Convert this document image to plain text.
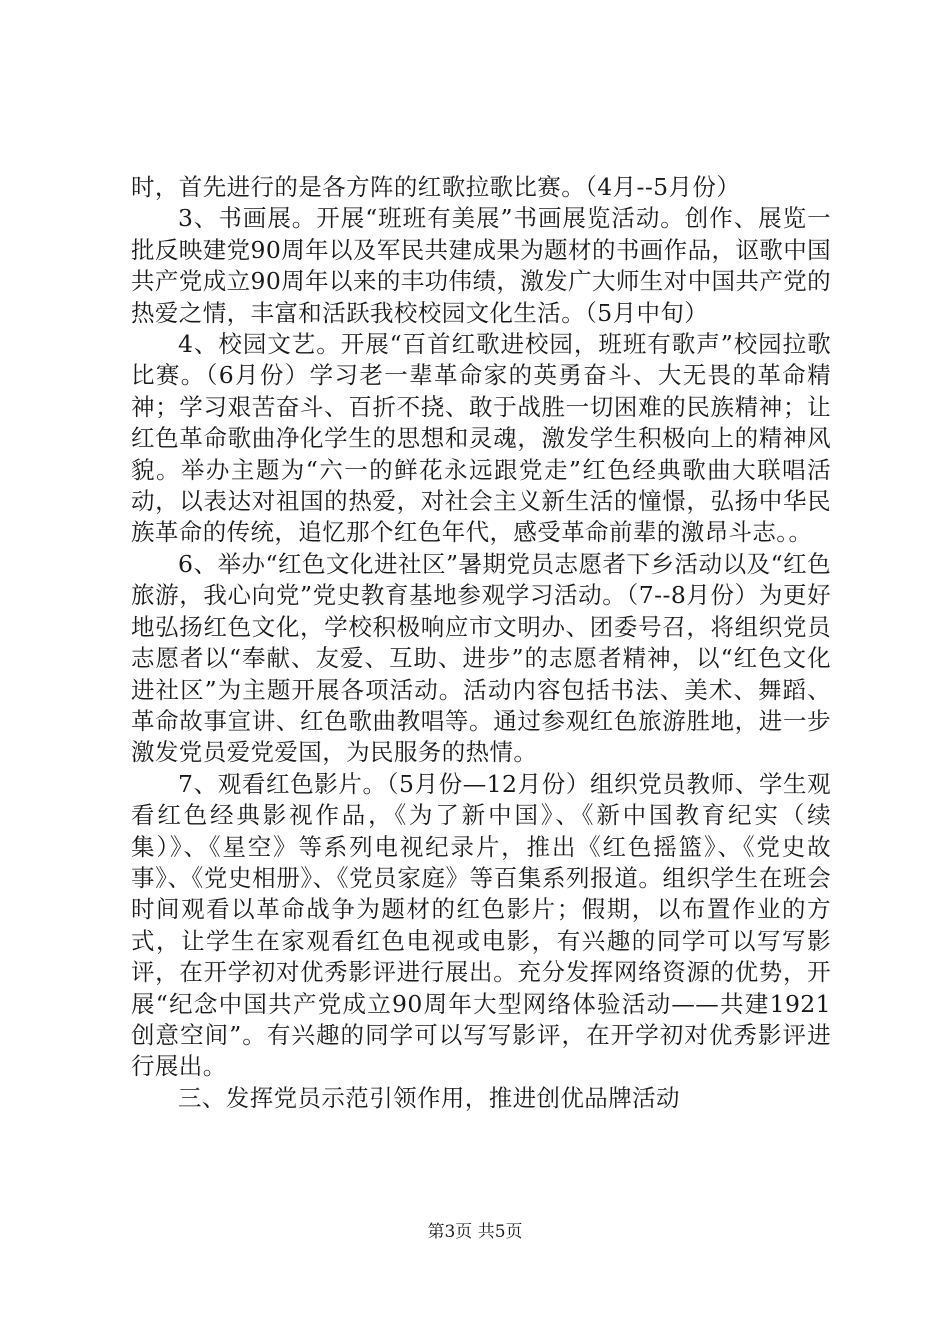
时，首先进行的是各方阵的红歌拉歌比赛。（4月--5月份）

3、书画展。开展“班班有美展”书画展览活动。创作、展览一批反映建党90周年以及军民共建成果为题材的书画作品，讴歌中国共产党成立90周年以来的丰功伟绩，激发广大师生对中国共产党的热爱之情，丰富和活跃我校校园文化生活。（5月中旬）

4、校园文艺。开展“百首红歌进校园，班班有歌声”校园拉歌比赛。（6月份）学习老一辈革命家的英勇奋斗、大无畏的革命精神；学习艰苦奋斗、百折不挠、敢于战胜一切困难的民族精神；让红色革命歌曲净化学生的思想和灵魂，激发学生积极向上的精神风貌。举办主题为“六一的鲜花永远跟党走”红色经典歌曲大联唱活动，以表达对祖国的热爱，对社会主义新生活的憧憬，弘扬中华民族革命的传统，追忆那个红色年代，感受革命前辈的激昂斗志。。

6、举办“红色文化进社区”暑期党员志愿者下乡活动以及“红色旅游，我心向党”党史教育基地参观学习活动。（7--8月份）为更好地弘扬红色文化，学校积极响应市文明办、团委号召，将组织党员志愿者以“奉献、友爱、互助、进步”的志愿者精神，以“红色文化进社区”为主题开展各项活动。活动内容包括书法、美术、舞蹈、革命故事宣讲、红色歌曲教唱等。通过参观红色旅游胜地，进一步激发党员爱党爱国，为民服务的热情。

7、观看红色影片。（5月份—12月份）组织党员教师、学生观看红色经典影视作品，《为了新中国》、《新中国教育纪实（续集）》、《星空》等系列电视纪录片，推出《红色摇篮》、《党史故事》、《党史相册》、《党员家庭》等百集系列报道。组织学生在班会时间观看以革命战争为题材的红色影片；假期，以布置作业的方式，让学生在家观看红色电视或电影，有兴趣的同学可以写写影评，在开学初对优秀影评进行展出。充分发挥网络资源的优势，开展“纪念中国共产党成立90周年大型网络体验活动——共建1921创意空间”。有兴趣的同学可以写写影评，在开学初对优秀影评进行展出。

三、发挥党员示范引领作用，推进创优品牌活动

第3页 共5页
